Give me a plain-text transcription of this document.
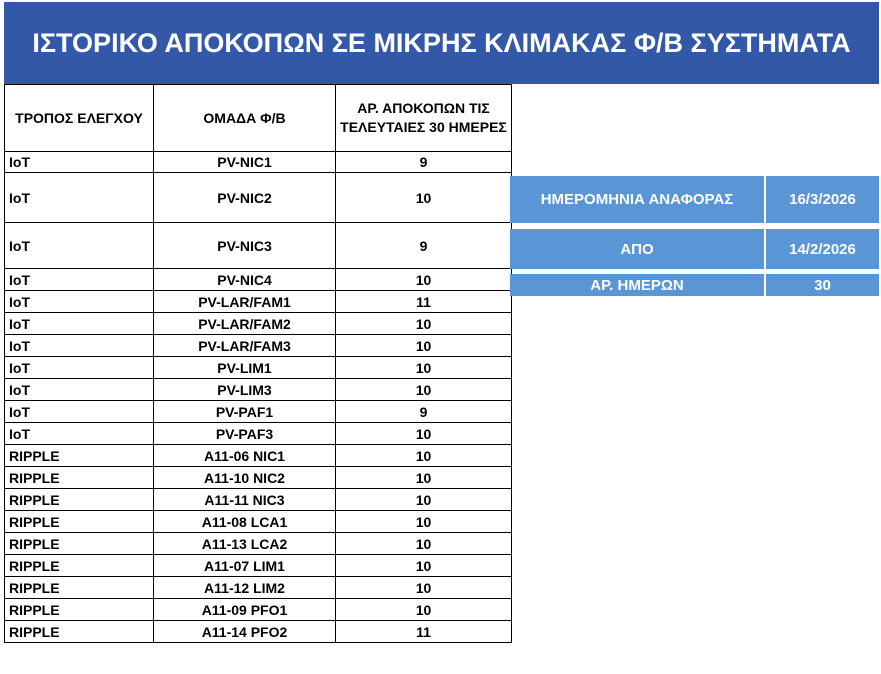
ΙΣΤΟΡΙΚΟ ΑΠΟΚΟΠΩΝ ΣΕ ΜΙΚΡΗΣ ΚΛΙΜΑΚΑΣ Φ/Β ΣΥΣΤΗΜΑΤΑ
ΤΡΟΠΟΣ ΕΛΕΓΧΟΥ	ΟΜΑΔΑ Φ/Β	ΑΡ. ΑΠΟΚΟΠΩΝ ΤΙΣ ΤΕΛΕΥΤΑΙΕΣ 30 ΗΜΕΡΕΣ
IoT	PV-NIC1	9
IoT	PV-NIC2	10
IoT	PV-NIC3	9
IoT	PV-NIC4	10
IoT	PV-LAR/FAM1	11
IoT	PV-LAR/FAM2	10
IoT	PV-LAR/FAM3	10
IoT	PV-LIM1	10
IoT	PV-LIM3	10
IoT	PV-PAF1	9
IoT	PV-PAF3	10
RIPPLE	A11-06 NIC1	10
RIPPLE	A11-10 NIC2	10
RIPPLE	A11-11 NIC3	10
RIPPLE	A11-08 LCA1	10
RIPPLE	A11-13 LCA2	10
RIPPLE	A11-07 LIM1	10
RIPPLE	A11-12 LIM2	10
RIPPLE	A11-09 PFO1	10
RIPPLE	A11-14 PFO2	11
ΗΜΕΡΟΜΗΝΙΑ ΑΝΑΦΟΡΑΣ	16/3/2026
ΑΠΟ	14/2/2026
ΑΡ. ΗΜΕΡΩΝ	30
